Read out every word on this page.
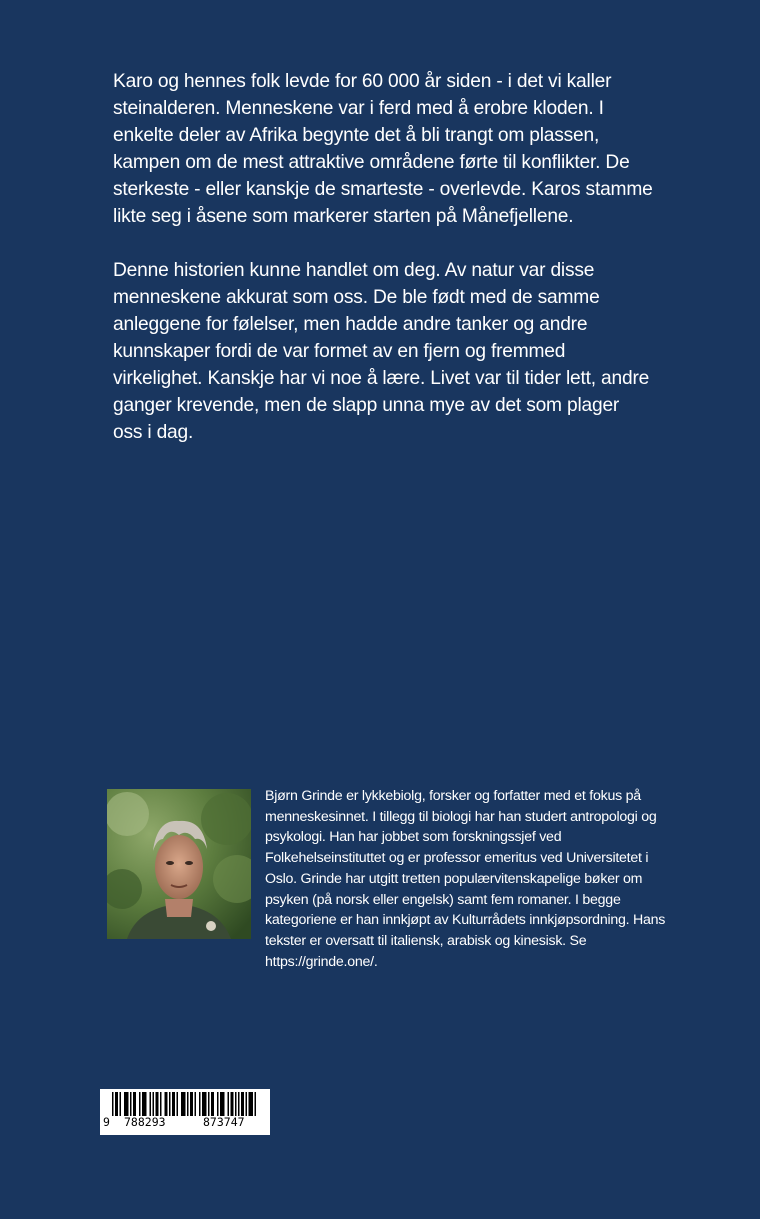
Karo og hennes folk levde for 60 000 år siden - i det vi kaller steinalderen. Menneskene var i ferd med å erobre kloden. I enkelte deler av Afrika begynte det å bli trangt om plassen, kampen om de mest attraktive områdene førte til konflikter. De sterkeste - eller kanskje de smarteste - overlevde. Karos stamme likte seg i åsene som markerer starten på Månefjellene.

Denne historien kunne handlet om deg. Av natur var disse menneskene akkurat som oss. De ble født med de samme anleggene for følelser, men hadde andre tanker og andre kunnskaper fordi de var formet av en fjern og fremmed virkelighet. Kanskje har vi noe å lære. Livet var til tider lett, andre ganger krevende, men de slapp unna mye av det som plager oss i dag.

Bjørn Grinde er lykkebiolg, forsker og forfatter med et fokus på menneskesinnet. I tillegg til biologi har han studert antropologi og psykologi. Han har jobbet som forskningssjef ved Folkehelseinstituttet og er professor emeritus ved Universitetet i Oslo. Grinde har utgitt tretten populærvitenskapelige bøker om psyken (på norsk eller engelsk) samt fem romaner. I begge kategoriene er han innkjøpt av Kulturrådets innkjøpsordning. Hans tekster er oversatt til italiensk, arabisk og kinesisk. Se https://grinde.one/.

9

788293

	873747
